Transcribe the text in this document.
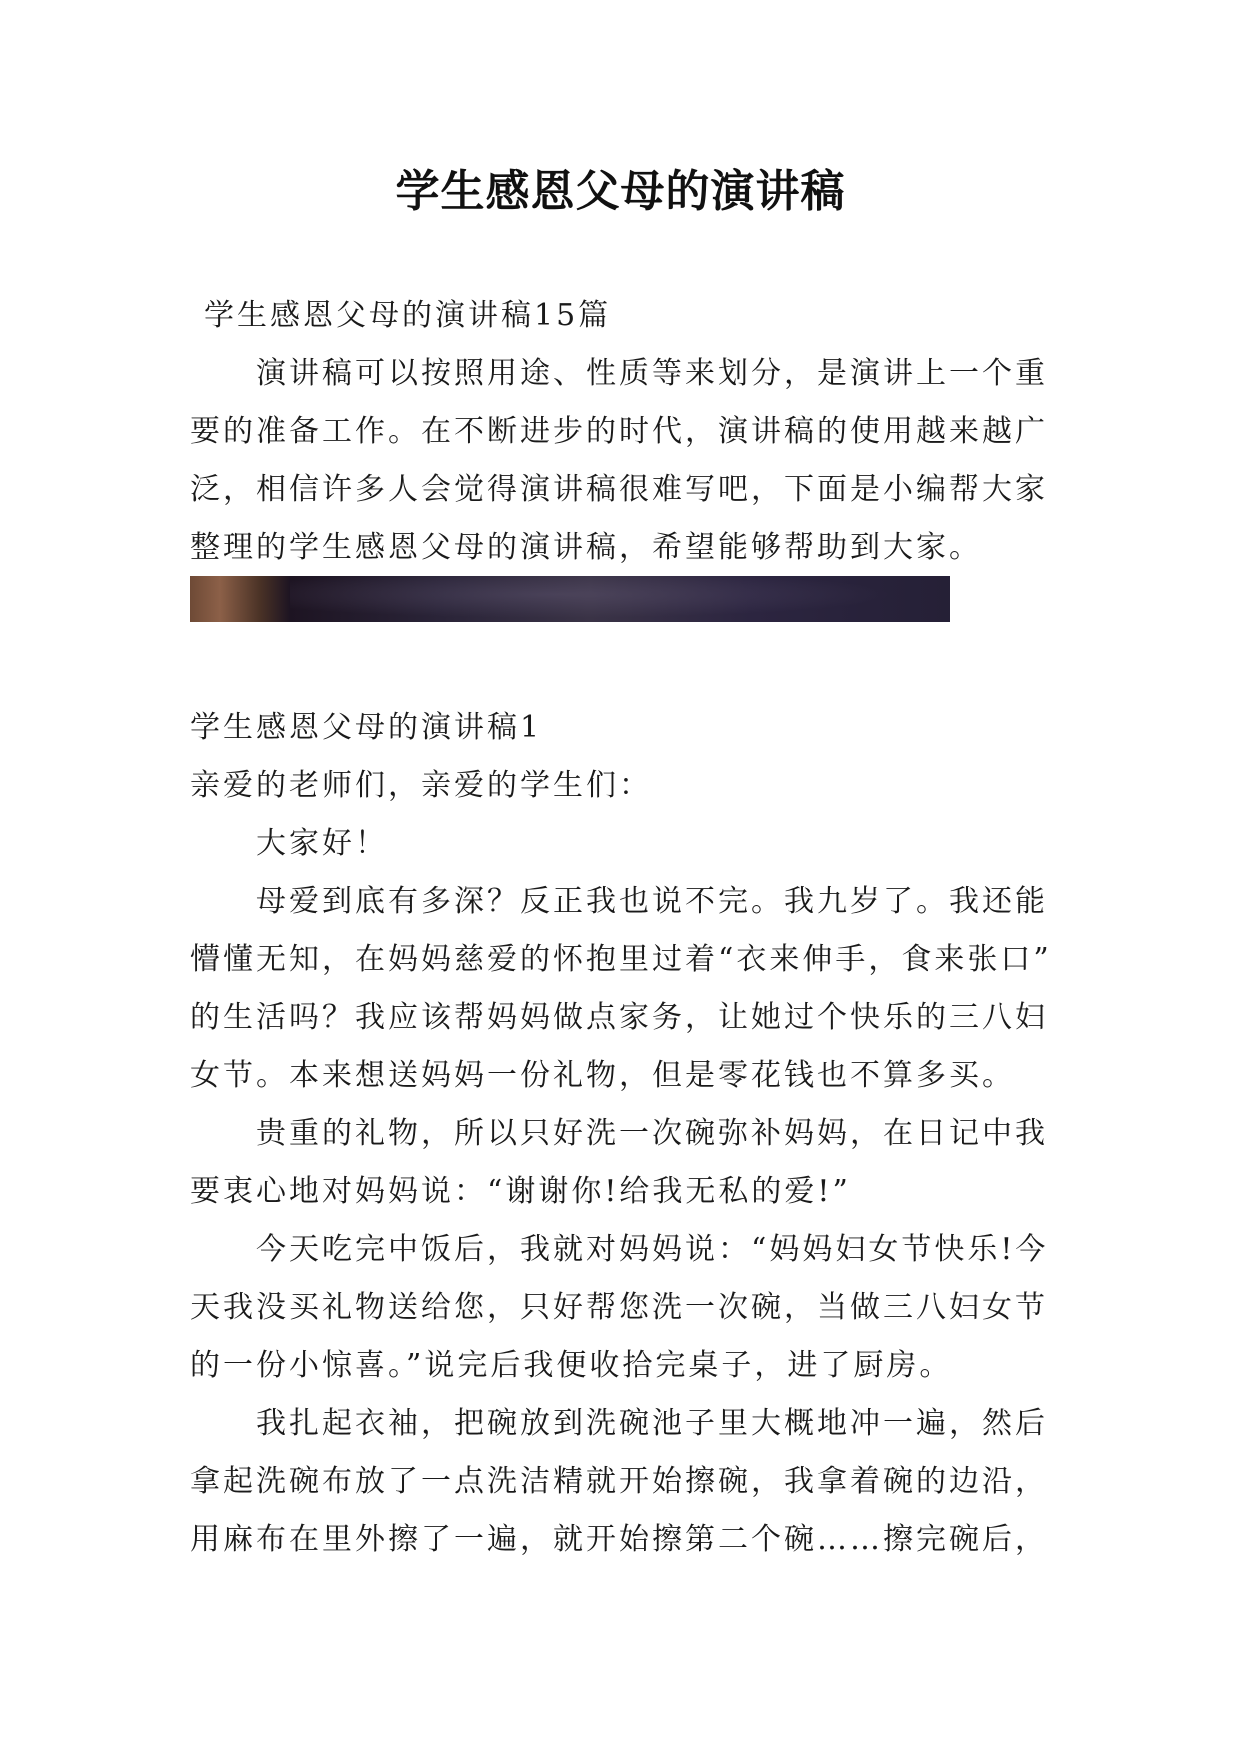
学生感恩父母的演讲稿
学生感恩父母的演讲稿15篇
演讲稿可以按照用途、性质等来划分，是演讲上一个重
要的准备工作。在不断进步的时代，演讲稿的使用越来越广
泛，相信许多人会觉得演讲稿很难写吧，下面是小编帮大家
整理的学生感恩父母的演讲稿，希望能够帮助到大家。
学生感恩父母的演讲稿1
亲爱的老师们，亲爱的学生们：
大家好！
母爱到底有多深？反正我也说不完。我九岁了。我还能
懵懂无知，在妈妈慈爱的怀抱里过着“衣来伸手，食来张口”
的生活吗？我应该帮妈妈做点家务，让她过个快乐的三八妇
女节。本来想送妈妈一份礼物，但是零花钱也不算多买。
贵重的礼物，所以只好洗一次碗弥补妈妈，在日记中我
要衷心地对妈妈说：“谢谢你!给我无私的爱!”
今天吃完中饭后，我就对妈妈说：“妈妈妇女节快乐!今
天我没买礼物送给您，只好帮您洗一次碗，当做三八妇女节
的一份小惊喜。”说完后我便收拾完桌子，进了厨房。
我扎起衣袖，把碗放到洗碗池子里大概地冲一遍，然后
拿起洗碗布放了一点洗洁精就开始擦碗，我拿着碗的边沿，
用麻布在里外擦了一遍，就开始擦第二个碗……擦完碗后，
